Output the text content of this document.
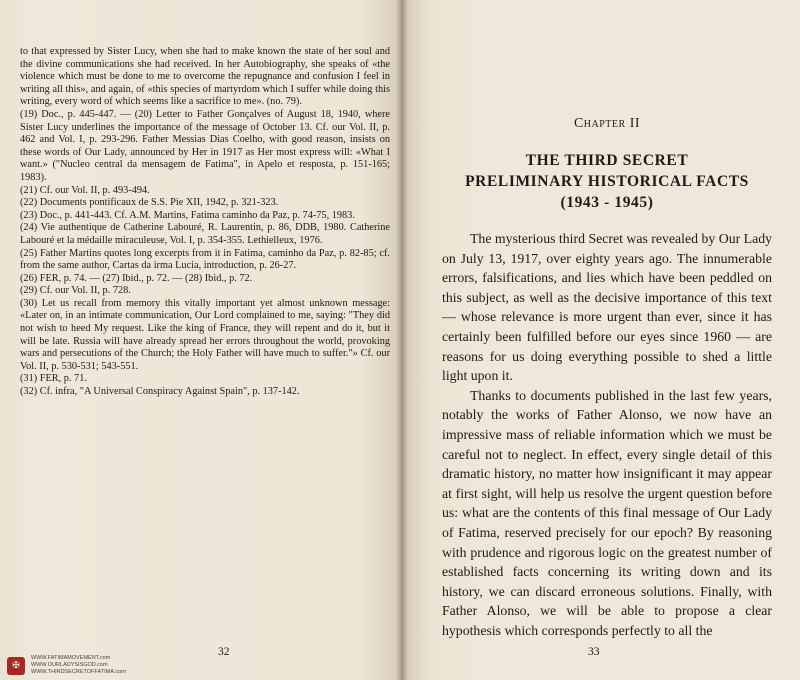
to that expressed by Sister Lucy, when she had to make known the state of her soul and the divine communications she had received. In her Autobiography, she speaks of «the violence which must be done to me to overcome the repugnance and confusion I feel in writing all this», and again, of «this species of martyrdom which I suffer while doing this writing, every word of which seems like a sacrifice to me». (no. 79).

(19) Doc., p. 445-447. — (20) Letter to Father Gonçalves of August 18, 1940, where Sister Lucy underlines the importance of the message of October 13. Cf. our Vol. II, p. 462 and Vol. I, p. 293-296. Father Messias Dias Coelho, with good reason, insists on these words of Our Lady, announced by Her in 1917 as Her most express will: «What I want.» ("Nucleo central da mensagem de Fatima", in Apelo et resposta, p. 151-165; 1983).

(21) Cf. our Vol. II, p. 493-494.

(22) Documents pontificaux de S.S. Pie XII, 1942, p. 321-323.

(23) Doc., p. 441-443. Cf. A.M. Martins, Fatima caminho da Paz, p. 74-75, 1983.

(24) Vie authentique de Catherine Labouré, R. Laurentin, p. 86, DDB, 1980. Catherine Labouré et la médaille miraculeuse, Vol. I, p. 354-355. Lethielleux, 1976.

(25) Father Martins quotes long excerpts from it in Fatima, caminho da Paz, p. 82-85; cf. from the same author, Cartas da irma Lucia, introduction, p. 26-27.

(26) FER, p. 74. — (27) Ibid., p. 72. — (28) Ibid., p. 72.

(29) Cf. our Vol. II, p. 728.

(30) Let us recall from memory this vitally important yet almost unknown message: «Later on, in an intimate communication, Our Lord complained to me, saying: "They did not wish to heed My request. Like the king of France, they will repent and do it, but it will be late. Russia will have already spread her errors throughout the world, provoking wars and persecutions of the Church; the Holy Father will have much to suffer."» Cf. our Vol. II, p. 530-531; 543-551.

(31) FER, p. 71.

(32) Cf. infra, "A Universal Conspiracy Against Spain", p. 137-142.

32
✠
WWW.FATIMAMOVEMENT.com
WWW.OURLADYSISGOD.com
WWW.THIRDSECRETOFFATIMA.com
Chapter II
THE THIRD SECRET
PRELIMINARY HISTORICAL FACTS
(1943 - 1945)

The mysterious third Secret was revealed by Our Lady on July 13, 1917, over eighty years ago. The innumerable errors, falsifications, and lies which have been peddled on this subject, as well as the decisive importance of this text — whose relevance is more urgent than ever, since it has certainly been fulfilled before our eyes since 1960 — are reasons for us doing everything possible to shed a little light upon it.

Thanks to documents published in the last few years, notably the works of Father Alonso, we now have an impressive mass of reliable information which we must be careful not to neglect. In effect, every single detail of this dramatic history, no matter how insignificant it may appear at first sight, will help us resolve the urgent question before us: what are the contents of this final message of Our Lady of Fatima, reserved precisely for our epoch? By reasoning with prudence and rigorous logic on the greatest number of established facts concerning its writing down and its history, we can discard erroneous solutions. Finally, with Father Alonso, we will be able to propose a clear hypothesis which corresponds perfectly to all the

33
